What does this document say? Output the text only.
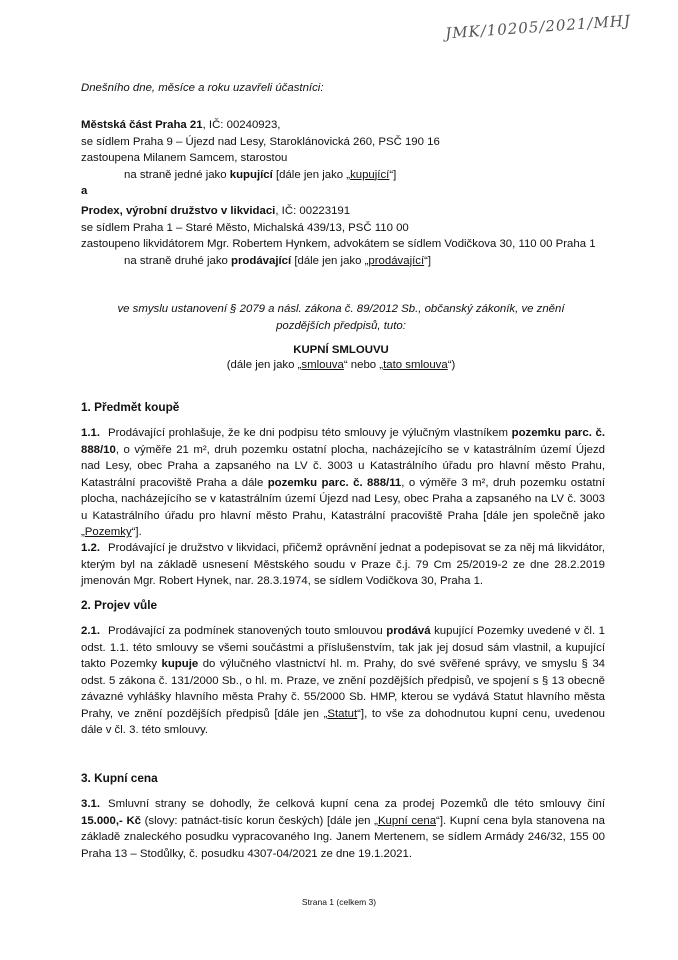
JMK/10205/2021/MHJ
Dnešního dne, měsíce a roku uzavřeli účastníci:
Městská část Praha 21, IČ: 00240923,
se sídlem Praha 9 – Újezd nad Lesy, Staroklánovická 260, PSČ 190 16
zastoupena Milanem Samcem, starostou
na straně jedné jako kupující [dále jen jako „kupující“]
a
Prodex, výrobní družstvo v likvidaci, IČ: 00223191
se sídlem Praha 1 – Staré Město, Michalská 439/13, PSČ 110 00
zastoupeno likvidátorem Mgr. Robertem Hynkem, advokátem se sídlem Vodičkova 30, 110 00 Praha 1
na straně druhé jako prodávající [dále jen jako „prodávající“]
ve smyslu ustanovení § 2079 a násl. zákona č. 89/2012 Sb., občanský zákoník, ve znění
pozdějších předpisů, tuto:
KUPNÍ SMLOUVU
(dále jen jako „smlouva“ nebo „tato smlouva“)
1. Předmět koupě
1.1. Prodávající prohlašuje, že ke dni podpisu této smlouvy je výlučným vlastníkem pozemku parc. č. 888/10, o výměře 21 m², druh pozemku ostatní plocha, nacházejícího se v katastrálním území Újezd nad Lesy, obec Praha a zapsaného na LV č. 3003 u Katastrálního úřadu pro hlavní město Prahu, Katastrální pracoviště Praha a dále pozemku parc. č. 888/11, o výměře 3 m², druh pozemku ostatní plocha, nacházejícího se v katastrálním území Újezd nad Lesy, obec Praha a zapsaného na LV č. 3003 u Katastrálního úřadu pro hlavní město Prahu, Katastrální pracoviště Praha [dále jen společně jako „Pozemky“].
1.2. Prodávající je družstvo v likvidaci, přičemž oprávnění jednat a podepisovat se za něj má likvidátor, kterým byl na základě usnesení Městského soudu v Praze č.j. 79 Cm 25/2019-2 ze dne 28.2.2019 jmenován Mgr. Robert Hynek, nar. 28.3.1974, se sídlem Vodičkova 30, Praha 1.
2. Projev vůle
2.1. Prodávající za podmínek stanovených touto smlouvou prodává kupující Pozemky uvedené v čl. 1 odst. 1.1. této smlouvy se všemi součástmi a příslušenstvím, tak jak jej dosud sám vlastnil, a kupující takto Pozemky kupuje do výlučného vlastnictví hl. m. Prahy, do své svěřené správy, ve smyslu § 34 odst. 5 zákona č. 131/2000 Sb., o hl. m. Praze, ve znění pozdějších předpisů, ve spojení s § 13 obecně závazné vyhlášky hlavního města Prahy č. 55/2000 Sb. HMP, kterou se vydává Statut hlavního města Prahy, ve znění pozdějších předpisů [dále jen „Statut“], to vše za dohodnutou kupní cenu, uvedenou dále v čl. 3. této smlouvy.
3. Kupní cena
3.1. Smluvní strany se dohodly, že celková kupní cena za prodej Pozemků dle této smlouvy činí 15.000,- Kč (slovy: patnáct-tisíc korun českých) [dále jen „Kupní cena“]. Kupní cena byla stanovena na základě znaleckého posudku vypracovaného Ing. Janem Mertenem, se sídlem Armády 246/32, 155 00 Praha 13 – Stodůlky, č. posudku 4307-04/2021 ze dne 19.1.2021.
Strana 1 (celkem 3)
